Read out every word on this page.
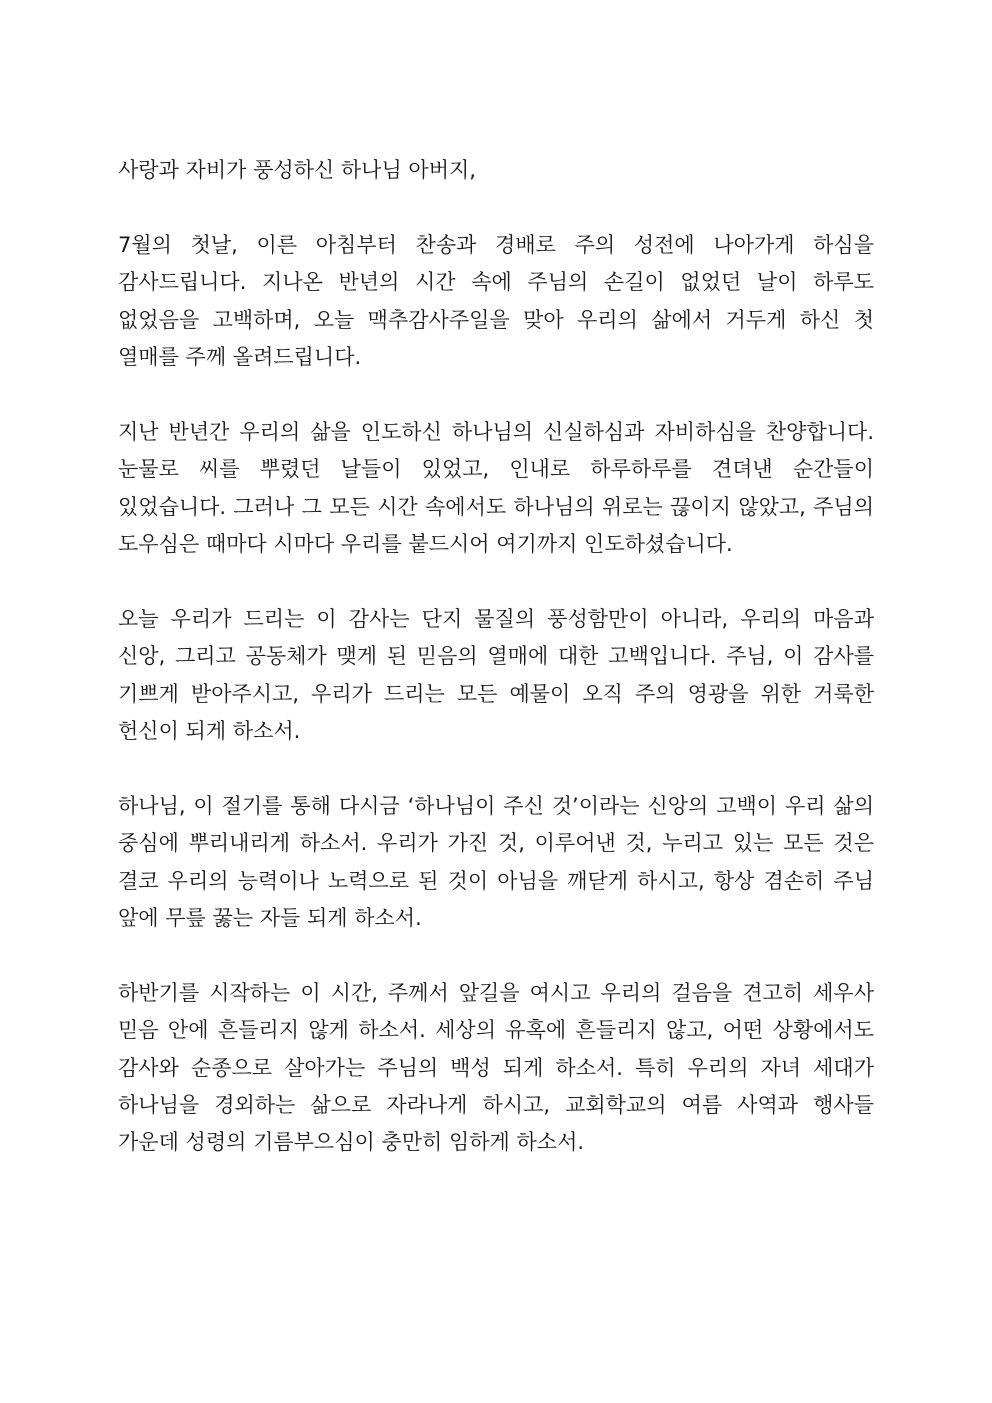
사랑과 자비가 풍성하신 하나님 아버지,

7월의 첫날, 이른 아침부터 찬송과 경배로 주의 성전에 나아가게 하심을 감사드립니다. 지나온 반년의 시간 속에 주님의 손길이 없었던 날이 하루도 없었음을 고백하며, 오늘 맥추감사주일을 맞아 우리의 삶에서 거두게 하신 첫 열매를 주께 올려드립니다.

지난 반년간 우리의 삶을 인도하신 하나님의 신실하심과 자비하심을 찬양합니다. 눈물로 씨를 뿌렸던 날들이 있었고, 인내로 하루하루를 견뎌낸 순간들이 있었습니다. 그러나 그 모든 시간 속에서도 하나님의 위로는 끊이지 않았고, 주님의 도우심은 때마다 시마다 우리를 붙드시어 여기까지 인도하셨습니다.

오늘 우리가 드리는 이 감사는 단지 물질의 풍성함만이 아니라, 우리의 마음과 신앙, 그리고 공동체가 맺게 된 믿음의 열매에 대한 고백입니다. 주님, 이 감사를 기쁘게 받아주시고, 우리가 드리는 모든 예물이 오직 주의 영광을 위한 거룩한 헌신이 되게 하소서.

하나님, 이 절기를 통해 다시금 ‘하나님이 주신 것’이라는 신앙의 고백이 우리 삶의 중심에 뿌리내리게 하소서. 우리가 가진 것, 이루어낸 것, 누리고 있는 모든 것은 결코 우리의 능력이나 노력으로 된 것이 아님을 깨닫게 하시고, 항상 겸손히 주님 앞에 무릎 꿇는 자들 되게 하소서.

하반기를 시작하는 이 시간, 주께서 앞길을 여시고 우리의 걸음을 견고히 세우사 믿음 안에 흔들리지 않게 하소서. 세상의 유혹에 흔들리지 않고, 어떤 상황에서도 감사와 순종으로 살아가는 주님의 백성 되게 하소서. 특히 우리의 자녀 세대가 하나님을 경외하는 삶으로 자라나게 하시고, 교회학교의 여름 사역과 행사들 가운데 성령의 기름부으심이 충만히 임하게 하소서.
